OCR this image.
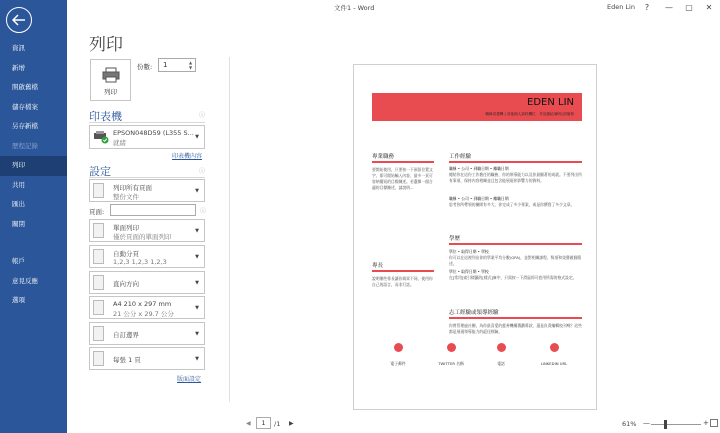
資訊
新增
開啟舊檔
儲存檔案
另存新檔
歷程記錄
列印
共用
匯出
關閉
帳戶
意見反應
選項
文件1 - Word	Eden Lin	?	—	▢	✕
列印
列印
份數:	1	▲
▼
印表機	ⓘ
EPSON048D59 (L355 S...
就緒
▼
印表機內容
設定	ⓘ
列印所有頁面
整份文件
▼
頁面:	ⓘ
單面列印
僅於頁面的單面列印
▼
自動分頁
1,2,3 1,2,3 1,2,3
▼
直向方向	▼
A4 210 x 297 mm
21 公分 x 29.7 公分
▼
自訂邊界	▼
每張 1 頁	▼
版面設定
EDEN LIN
職稱或畫轉 | 其他個人資料欄位：作品連結/網站/部落格
專業職務
要開始使用，只要按一下預留位置文字，即可開始輸入內容，最多一頁可容納簡短的目標陳述。若選擇一個合適的目標陳述，請說明...
專長
說明哪些專長讓你與眾不同，使用你自己的語言，而非行話。
工作經驗
職稱 • 公司 • 到職日期 • 離職日期
總結你在這份工作擔任的職務，你的領導能力以及你最顯著的成就。不要列出所有事項，保持內容相關並且包含能展現你影響力的資料。
職稱 • 公司 • 到職日期 • 離職日期
思考你所帶領的團隊有多大、你完成了多少專案，或是你撰寫了多少文章。
學歷
學位 • 取得日期 • 學校
你可以在這裡列出你的學業平均分數(GPA)，並對相關課程、獎項和榮譽做個簡述。
學位 • 取得日期 • 學校
在[常用]索引標籤的[樣式]庫中，只需按一下滑鼠即可套用所需的格式設定。
志工經驗或領導經驗
你曾管理過社團，為你最喜愛的慈善機構籌劃募款，還是負責編輯校刊嗎？這些都是展現領導能力的絕佳經驗。
電子郵件	TWITTER 名稱	電話	LINKEDIN URL
◀	1	/1 ▶	61% —	+
